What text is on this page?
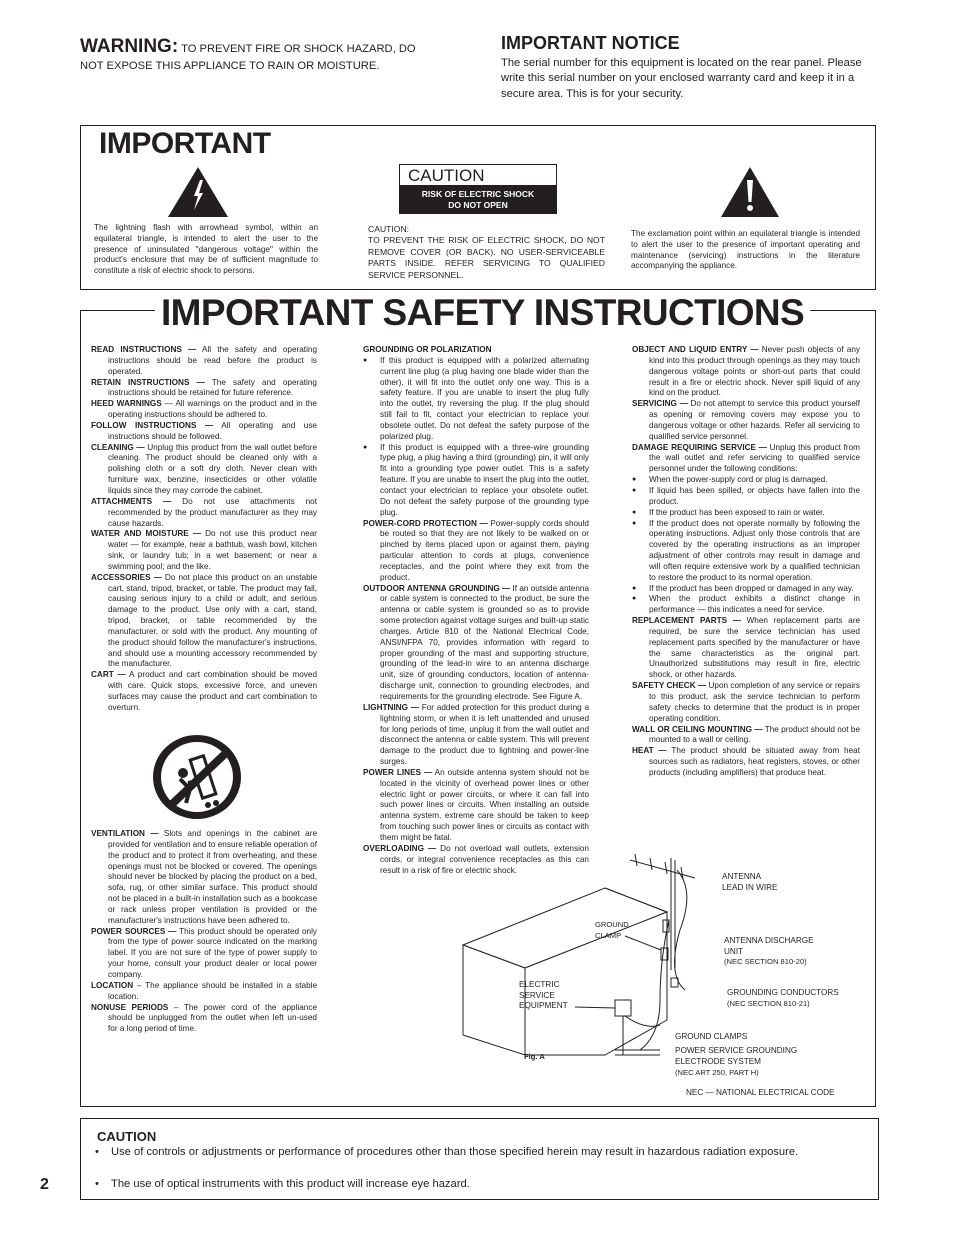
WARNING: TO PREVENT FIRE OR SHOCK HAZARD, DO NOT EXPOSE THIS APPLIANCE TO RAIN OR MOISTURE.
IMPORTANT NOTICE
The serial number for this equipment is located on the rear panel. Please write this serial number on your enclosed warranty card and keep it in a secure area. This is for your security.
IMPORTANT
The lightning flash with arrowhead symbol, within an equilateral triangle, is intended to alert the user to the presence of uninsulated "dangerous voltage" within the product's enclosure that may be of sufficient magnitude to constitute a risk of electric shock to persons.
CAUTION
RISK OF ELECTRIC SHOCK
DO NOT OPEN
CAUTION:
TO PREVENT THE RISK OF ELECTRIC SHOCK, DO NOT REMOVE COVER (OR BACK). NO USER-SERVICEABLE PARTS INSIDE. REFER SERVICING TO QUALIFIED SERVICE PERSONNEL.
The exclamation point within an equilateral triangle is intended to alert the user to the presence of important operating and maintenance (servicing) instructions in the literature accompanying the appliance.
IMPORTANT SAFETY INSTRUCTIONS

READ INSTRUCTIONS — All the safety and operating instructions should be read before the product is operated.

RETAIN INSTRUCTIONS — The safety and operating instructions should be retained for future reference.

HEED WARNINGS — All warnings on the product and in the operating instructions should be adhered to.

FOLLOW INSTRUCTIONS — All operating and use instructions should be followed.

CLEANING — Unplug this product from the wall outlet before cleaning. The product should be cleaned only with a polishing cloth or a soft dry cloth. Never clean with furniture wax, benzine, insecticides or other volatile liquids since they may corrode the cabinet.

ATTACHMENTS — Do not use attachments not recommended by the product manufacturer as they may cause hazards.

WATER AND MOISTURE — Do not use this product near water — for example, near a bathtub, wash bowl, kitchen sink, or laundry tub; in a wet basement; or near a swimming pool; and the like.

ACCESSORIES — Do not place this product on an unstable cart, stand, tripod, bracket, or table. The product may fall, causing serious injury to a child or adult, and serious damage to the product. Use only with a cart, stand, tripod, bracket, or table recommended by the manufacturer, or sold with the product. Any mounting of the product should follow the manufacturer's instructions, and should use a mounting accessory recommended by the manufacturer.

CART — A product and cart combination should be moved with care. Quick stops, excessive force, and uneven surfaces may cause the product and cart combination to overturn.

VENTILATION — Slots and openings in the cabinet are provided for ventilation and to ensure reliable operation of the product and to protect it from overheating, and these openings must not be blocked or covered. The openings should never be blocked by placing the product on a bed, sofa, rug, or other similar surface. This product should not be placed in a built-in installation such as a bookcase or rack unless proper ventilation is provided or the manufacturer's instructions have been adhered to.

POWER SOURCES — This product should be operated only from the type of power source indicated on the marking label. If you are not sure of the type of power supply to your home, consult your product dealer or local power company.

LOCATION – The appliance should be installed in a stable location.

NONUSE PERIODS – The power cord of the appliance should be unplugged from the outlet when left un-used for a long period of time.

GROUNDING OR POLARIZATION
● If this product is equipped with a polarized alternating current line plug (a plug having one blade wider than the other), it will fit into the outlet only one way. This is a safety feature. If you are unable to insert the plug fully into the outlet, try reversing the plug. If the plug should still fail to fit, contact your electrician to replace your obsolete outlet. Do not defeat the safety purpose of the polarized plug.
● If this product is equipped with a three-wire grounding type plug, a plug having a third (grounding) pin, it will only fit into a grounding type power outlet. This is a safety feature. If you are unable to insert the plug into the outlet, contact your electrician to replace your obsolete outlet. Do not defeat the safety purpose of the grounding type plug.

POWER-CORD PROTECTION — Power-supply cords should be routed so that they are not likely to be walked on or pinched by items placed upon or against them, paying particular attention to cords at plugs, convenience receptacles, and the point where they exit from the product.

OUTDOOR ANTENNA GROUNDING — If an outside antenna or cable system is connected to the product, be sure the antenna or cable system is grounded so as to provide some protection against voltage surges and built-up static charges. Article 810 of the National Electrical Code, ANSI/NFPA 70, provides information with regard to proper grounding of the mast and supporting structure, grounding of the lead-in wire to an antenna discharge unit, size of grounding conductors, location of antenna-discharge unit, connection to grounding electrodes, and requirements for the grounding electrode. See Figure A.

LIGHTNING — For added protection for this product during a lightning storm, or when it is left unattended and unused for long periods of time, unplug it from the wall outlet and disconnect the antenna or cable system. This will prevent damage to the product due to lightning and power-line surges.

POWER LINES — An outside antenna system should not be located in the vicinity of overhead power lines or other electric light or power circuits, or where it can fall into such power lines or circuits. When installing an outside antenna system, extreme care should be taken to keep from touching such power lines or circuits as contact with them might be fatal.

OVERLOADING — Do not overload wall outlets, extension cords, or integral convenience receptacles as this can result in a risk of fire or electric shock.

OBJECT AND LIQUID ENTRY — Never push objects of any kind into this product through openings as they may touch dangerous voltage points or short-out parts that could result in a fire or electric shock. Never spill liquid of any kind on the product.

SERVICING — Do not attempt to service this product yourself as opening or removing covers may expose you to dangerous voltage or other hazards. Refer all servicing to qualified service personnel.

DAMAGE REQUIRING SERVICE — Unplug this product from the wall outlet and refer servicing to qualified service personnel under the following conditions:

● When the power-supply cord or plug is damaged.
● If liquid has been spilled, or objects have fallen into the product.
● If the product has been exposed to rain or water.
● If the product does not operate normally by following the operating instructions. Adjust only those controls that are covered by the operating instructions as an improper adjustment of other controls may result in damage and will often require extensive work by a qualified technician to restore the product to its normal operation.
● If the product has been dropped or damaged in any way.
● When the product exhibits a distinct change in performance — this indicates a need for service.

REPLACEMENT PARTS — When replacement parts are required, be sure the service technician has used replacement parts specified by the manufacturer or have the same characteristics as the original part. Unauthorized substitutions may result in fire, electric shock, or other hazards.

SAFETY CHECK — Upon completion of any service or repairs to this product, ask the service technician to perform safety checks to determine that the product is in proper operating condition.

WALL OR CEILING MOUNTING — The product should not be mounted to a wall or ceiling.

HEAT — The product should be situated away from heat sources such as radiators, heat registers, stoves, or other products (including amplifiers) that produce heat.

ANTENNA LEAD IN WIRE
GROUND CLAMP
ANTENNA DISCHARGE UNIT
(NEC SECTION 810-20)
ELECTRIC SERVICE EQUIPMENT
GROUNDING CONDUCTORS
(NEC SECTION 810-21)
GROUND CLAMPS
POWER SERVICE GROUNDING ELECTRODE SYSTEM
(NEC ART 250, PART H)
Fig. A
NEC — NATIONAL ELECTRICAL CODE
CAUTION
•	Use of controls or adjustments or performance of procedures other than those specified herein may result in hazardous radiation exposure.
•	The use of optical instruments with this product will increase eye hazard.
2
